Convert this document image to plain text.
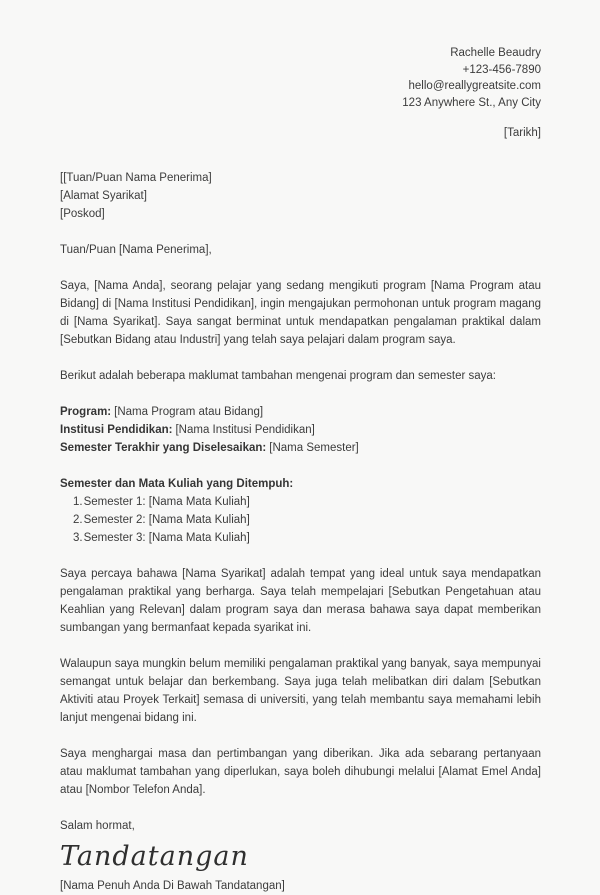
Rachelle Beaudry
+123-456-7890
hello@reallygreatsite.com
123 Anywhere St., Any City
[Tarikh]
[[Tuan/Puan Nama Penerima]
[Alamat Syarikat]
[Poskod]
Tuan/Puan [Nama Penerima],

Saya, [Nama Anda], seorang pelajar yang sedang mengikuti program [Nama Program atau Bidang] di [Nama Institusi Pendidikan], ingin mengajukan permohonan untuk program magang di [Nama Syarikat]. Saya sangat berminat untuk mendapatkan pengalaman praktikal dalam [Sebutkan Bidang atau Industri] yang telah saya pelajari dalam program saya.

Berikut adalah beberapa maklumat tambahan mengenai program dan semester saya:

Program: [Nama Program atau Bidang]
Institusi Pendidikan: [Nama Institusi Pendidikan]
Semester Terakhir yang Diselesaikan: [Nama Semester]
Semester dan Mata Kuliah yang Ditempuh:
1.Semester 1: [Nama Mata Kuliah]
2.Semester 2: [Nama Mata Kuliah]
3.Semester 3: [Nama Mata Kuliah]

Saya percaya bahawa [Nama Syarikat] adalah tempat yang ideal untuk saya mendapatkan pengalaman praktikal yang berharga. Saya telah mempelajari [Sebutkan Pengetahuan atau Keahlian yang Relevan] dalam program saya dan merasa bahawa saya dapat memberikan sumbangan yang bermanfaat kepada syarikat ini.

Walaupun saya mungkin belum memiliki pengalaman praktikal yang banyak, saya mempunyai semangat untuk belajar dan berkembang. Saya juga telah melibatkan diri dalam [Sebutkan Aktiviti atau Proyek Terkait] semasa di universiti, yang telah membantu saya memahami lebih lanjut mengenai bidang ini.

Saya menghargai masa dan pertimbangan yang diberikan. Jika ada sebarang pertanyaan atau maklumat tambahan yang diperlukan, saya boleh dihubungi melalui [Alamat Emel Anda] atau [Nombor Telefon Anda].

Salam hormat,
Tandatangan
[Nama Penuh Anda Di Bawah Tandatangan]
